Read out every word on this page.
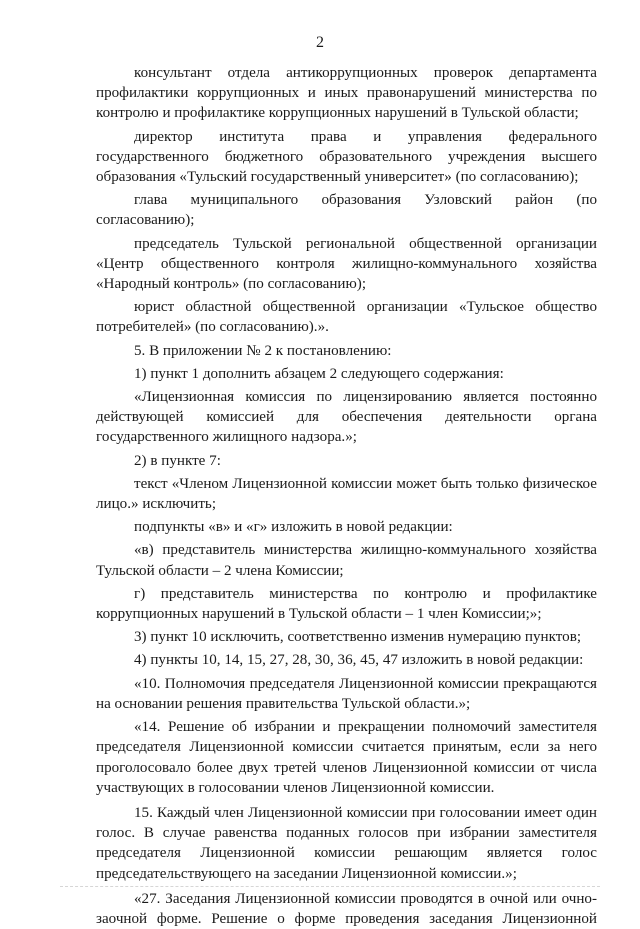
2

консультант отдела антикоррупционных проверок департамента профилактики коррупционных и иных правонарушений министерства по контролю и профилактике коррупционных нарушений в Тульской области;

директор института права и управления федерального государственного бюджетного образовательного учреждения высшего образования «Тульский государственный университет» (по согласованию);

глава муниципального образования Узловский район (по согласованию);

председатель Тульской региональной общественной организации «Центр общественного контроля жилищно-коммунального хозяйства «Народный контроль» (по согласованию);

юрист областной общественной организации «Тульское общество потребителей» (по согласованию).».

5. В приложении № 2 к постановлению:

1) пункт 1 дополнить абзацем 2 следующего содержания:

«Лицензионная комиссия по лицензированию является постоянно действующей комиссией для обеспечения деятельности органа государственного жилищного надзора.»;

2) в пункте 7:

текст «Членом Лицензионной комиссии может быть только физическое лицо.» исключить;

подпункты «в» и «г» изложить в новой редакции:

«в) представитель министерства жилищно-коммунального хозяйства Тульской области – 2 члена Комиссии;

г) представитель министерства по контролю и профилактике коррупционных нарушений в Тульской области – 1 член Комиссии;»;

3) пункт 10 исключить, соответственно изменив нумерацию пунктов;

4) пункты 10, 14, 15, 27, 28, 30, 36, 45, 47 изложить в новой редакции:

«10. Полномочия председателя Лицензионной комиссии прекращаются на основании решения правительства Тульской области.»;

«14. Решение об избрании и прекращении полномочий заместителя председателя Лицензионной комиссии считается принятым, если за него проголосовало более двух третей членов Лицензионной комиссии от числа участвующих в голосовании членов Лицензионной комиссии.

15. Каждый член Лицензионной комиссии при голосовании имеет один голос. В случае равенства поданных голосов при избрании заместителя председателя Лицензионной комиссии решающим является голос председательствующего на заседании Лицензионной комиссии.»;

«27. Заседания Лицензионной комиссии проводятся в очной или очно-заочной форме. Решение о форме проведения заседания Лицензионной
